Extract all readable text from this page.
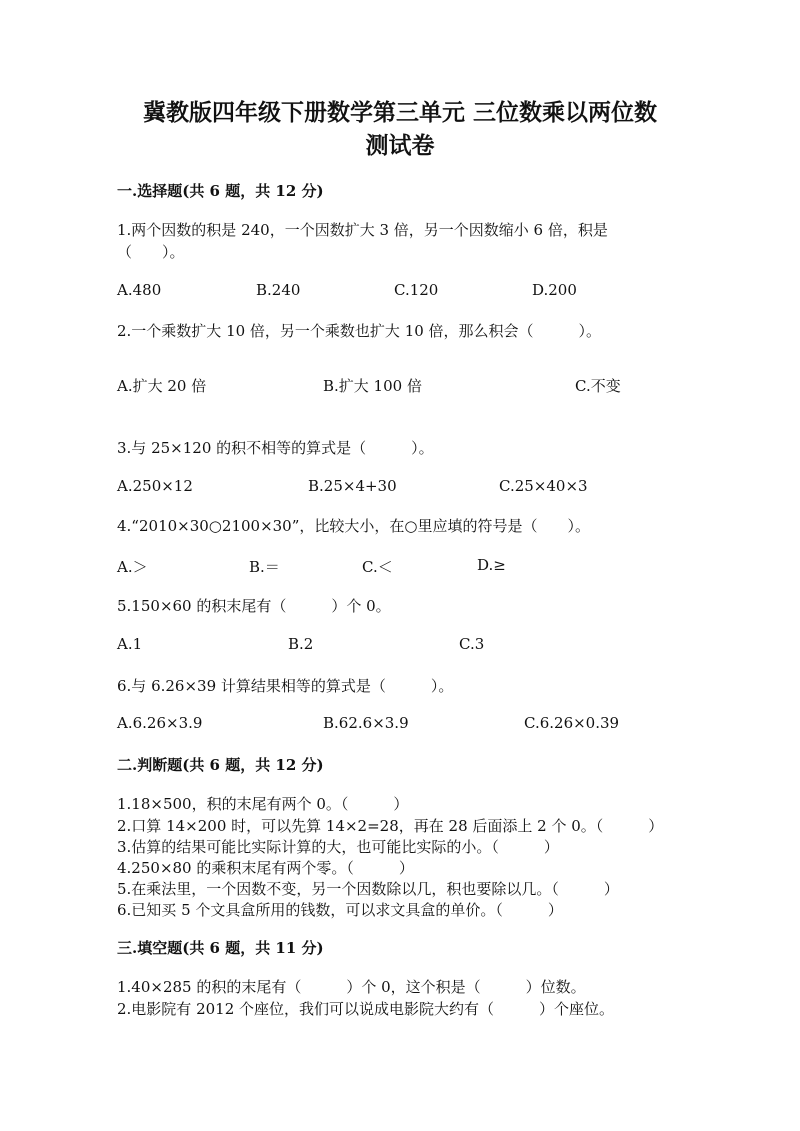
冀教版四年级下册数学第三单元 三位数乘以两位数
测试卷
一.选择题(共 6 题，共 12 分)
1.两个因数的积是 240，一个因数扩大 3 倍，另一个因数缩小 6 倍，积是
（　　）。
A.480	B.240	C.120	D.200
2.一个乘数扩大 10 倍，另一个乘数也扩大 10 倍，那么积会（　　　）。
A.扩大 20 倍	B.扩大 100 倍	C.不变
3.与 25×120 的积不相等的算式是（　　　）。
A.250×12	B.25×4+30	C.25×40×3
4.“2010×30○2100×30”，比较大小，在○里应填的符号是（　　）。
A.＞	B.＝	C.＜	D.≥
5.150×60 的积末尾有（　　　）个 0。
A.1	B.2	C.3
6.与 6.26×39 计算结果相等的算式是（　　　）。
A.6.26×3.9	B.62.6×3.9	C.6.26×0.39
二.判断题(共 6 题，共 12 分)
1.18×500，积的末尾有两个 0。（　　　）
2.口算 14×200 时，可以先算 14×2=28，再在 28 后面添上 2 个 0。（　　　）
3.估算的结果可能比实际计算的大，也可能比实际的小。（　　　）
4.250×80 的乘积末尾有两个零。（　　　）
5.在乘法里，一个因数不变，另一个因数除以几，积也要除以几。（　　　）
6.已知买 5 个文具盒所用的钱数，可以求文具盒的单价。（　　　）
三.填空题(共 6 题，共 11 分)
1.40×285 的积的末尾有（　　　）个 0，这个积是（　　　）位数。
2.电影院有 2012 个座位，我们可以说成电影院大约有（　　　）个座位。
